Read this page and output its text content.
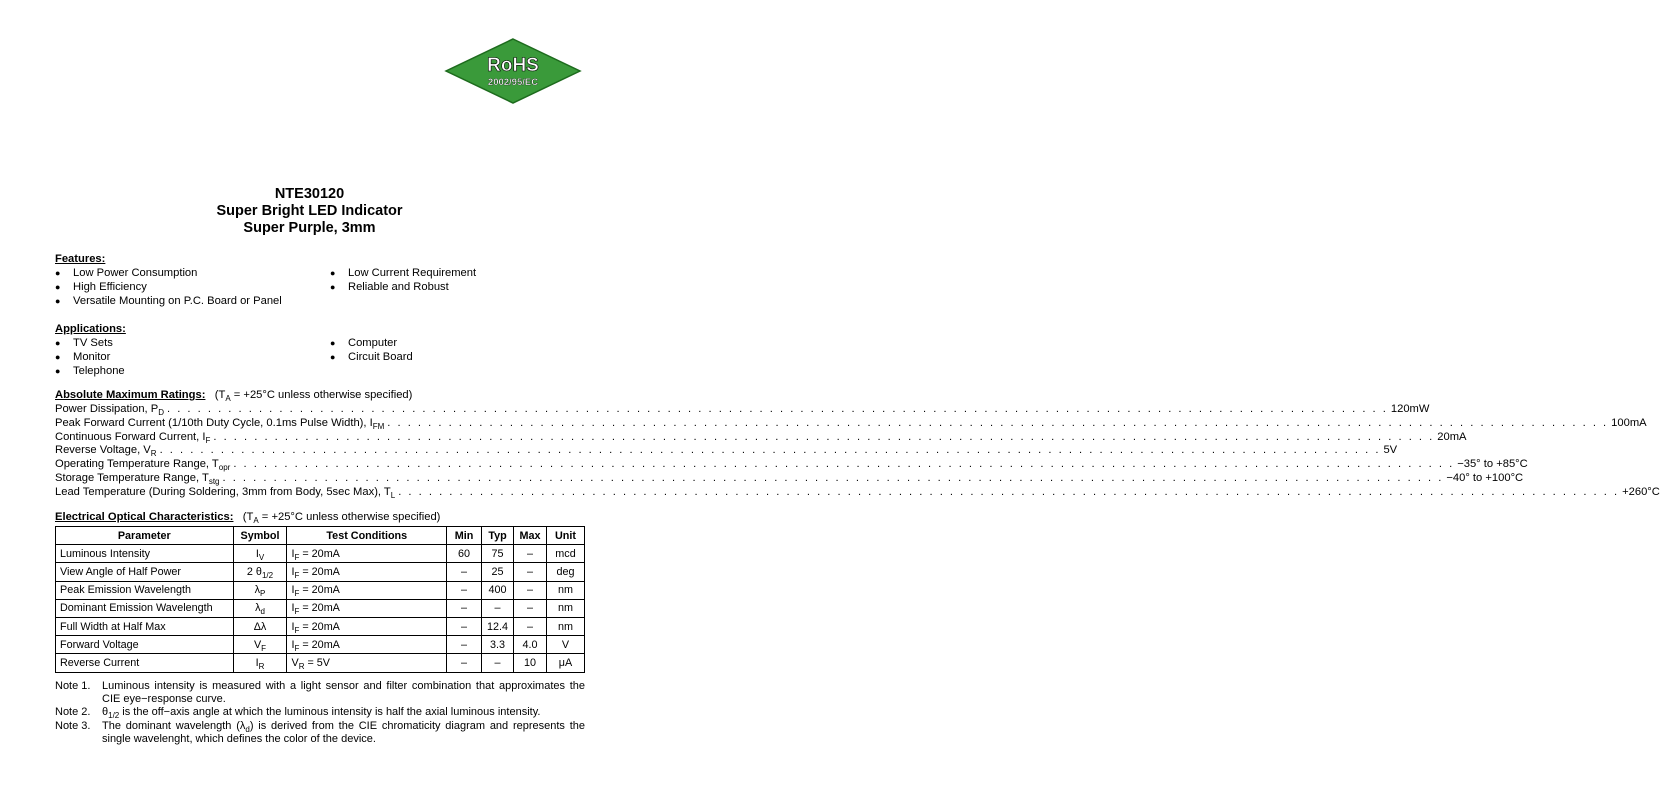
RoHS
2002/95/EC
NTE30120
Super Bright LED Indicator
Super Purple, 3mm
Features:
● Low Power Consumption
● High Efficiency
● Versatile Mounting on P.C. Board or Panel
● Low Current Requirement
● Reliable and Robust
Applications:
● TV Sets
● Monitor
● Telephone
● Computer
● Circuit Board
Absolute Maximum Ratings: ($T_A = +25^\circ C$ unless otherwise specified)
Power Dissipation, $P_D$ . . . . . . . . . . . . . . . . . . . . . . . . . . . . . . . . . . . . . . . . . . . . . . . . . . . . . . . . . . . . . . . . . . . . . . . . . . . . . . . . . . . . . . . . . . . . . . . . . . . . . . . . . . . . . . . . . . . . . . . . 120mW
Peak Forward Current (1/10th Duty Cycle, 0.1ms Pulse Width), $I_{FM}$ . . . . . . . . . . . . . . . . . . . . . . . . . . . . . . . . . . . . . . . . . . . . . . . . . . . . . . . . . . . . . . . . . . . . . . . . . . . . . . . . . . . . . . . . . . . . . . . . . . . . . . . . . . . . . . . . . . . . . . . . 100mA
Continuous Forward Current, $I_F$ . . . . . . . . . . . . . . . . . . . . . . . . . . . . . . . . . . . . . . . . . . . . . . . . . . . . . . . . . . . . . . . . . . . . . . . . . . . . . . . . . . . . . . . . . . . . . . . . . . . . . . . . . . . . . . . . . . . . . . . . 20mA
Reverse Voltage, $V_R$ . . . . . . . . . . . . . . . . . . . . . . . . . . . . . . . . . . . . . . . . . . . . . . . . . . . . . . . . . . . . . . . . . . . . . . . . . . . . . . . . . . . . . . . . . . . . . . . . . . . . . . . . . . . . . . . . . . . . . . . . 5V
Operating Temperature Range, $T_{opr}$ . . . . . . . . . . . . . . . . . . . . . . . . . . . . . . . . . . . . . . . . . . . . . . . . . . . . . . . . . . . . . . . . . . . . . . . . . . . . . . . . . . . . . . . . . . . . . . . . . . . . . . . . . . . . . . . . . . . . . . . . −35° to +85°C
Storage Temperature Range, $T_{stg}$ . . . . . . . . . . . . . . . . . . . . . . . . . . . . . . . . . . . . . . . . . . . . . . . . . . . . . . . . . . . . . . . . . . . . . . . . . . . . . . . . . . . . . . . . . . . . . . . . . . . . . . . . . . . . . . . . . . . . . . . . −40° to +100°C
Lead Temperature (During Soldering, 3mm from Body, 5sec Max), $T_L$ . . . . . . . . . . . . . . . . . . . . . . . . . . . . . . . . . . . . . . . . . . . . . . . . . . . . . . . . . . . . . . . . . . . . . . . . . . . . . . . . . . . . . . . . . . . . . . . . . . . . . . . . . . . . . . . . . . . . . . . . +260°C
Electrical Optical Characteristics: ($T_A = +25^\circ C$ unless otherwise specified)
Parameter	Symbol	Test Conditions	Min	Typ	Max	Unit
Luminous Intensity	$I_V$	$I_F = 20mA$	60	75	–	mcd
View Angle of Half Power	2 $\theta_{1/2}$	$I_F = 20mA$	–	25	–	deg
Peak Emission Wavelength	$\lambda_P$	$I_F = 20mA$	–	400	–	nm
Dominant Emission Wavelength	$\lambda_d$	$I_F = 20mA$	–	–	–	nm
Full Width at Half Max	Δλ	$I_F = 20mA$	–	12.4	–	nm
Forward Voltage	$V_F$	$I_F = 20mA$	–	3.3	4.0	V
Reverse Current	$I_R$	$V_R = 5V$	–	–	10	μA
Note 1.	Luminous intensity is measured with a light sensor and filter combination that approximates the CIE eye−response curve.
Note 2.	$\theta_{1/2}$ is the off−axis angle at which the luminous intensity is half the axial luminous intensity.
Note 3.	The dominant wavelength $(\lambda_d)$ is derived from the CIE chromaticity diagram and represents the single wavelenght, which defines the color of the device.
